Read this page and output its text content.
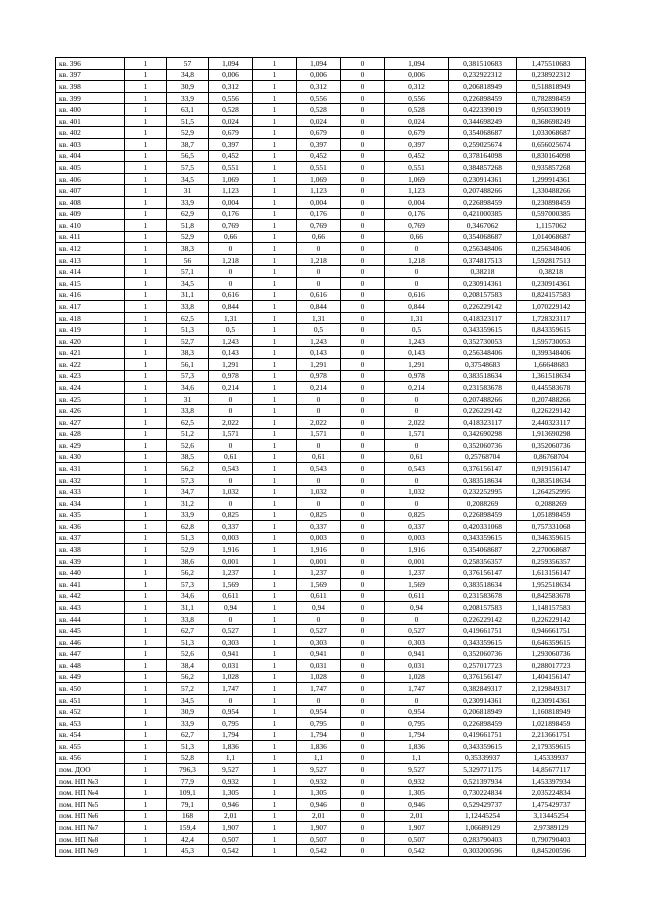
кв. 396	1	57	1,094	1	1,094	0	1,094	0,381510683	1,475510683
кв. 397	1	34,8	0,006	1	0,006	0	0,006	0,232922312	0,238922312
кв. 398	1	30,9	0,312	1	0,312	0	0,312	0,206818949	0,518818949
кв. 399	1	33,9	0,556	1	0,556	0	0,556	0,226898459	0,782898459
кв. 400	1	63,1	0,528	1	0,528	0	0,528	0,422339019	0,950339019
кв. 401	1	51,5	0,024	1	0,024	0	0,024	0,344698249	0,368698249
кв. 402	1	52,9	0,679	1	0,679	0	0,679	0,354068687	1,033068687
кв. 403	1	38,7	0,397	1	0,397	0	0,397	0,259025674	0,656025674
кв. 404	1	56,5	0,452	1	0,452	0	0,452	0,378164098	0,830164098
кв. 405	1	57,5	0,551	1	0,551	0	0,551	0,384857268	0,935857268
кв. 406	1	34,5	1,069	1	1,069	0	1,069	0,230914361	1,299914361
кв. 407	1	31	1,123	1	1,123	0	1,123	0,207488266	1,330488266
кв. 408	1	33,9	0,004	1	0,004	0	0,004	0,226898459	0,230898459
кв. 409	1	62,9	0,176	1	0,176	0	0,176	0,421000385	0,597000385
кв. 410	1	51,8	0,769	1	0,769	0	0,769	0,3467062	1,1157062
кв. 411	1	52,9	0,66	1	0,66	0	0,66	0,354068687	1,014068687
кв. 412	1	38,3	0	1	0	0	0	0,256348406	0,256348406
кв. 413	1	56	1,218	1	1,218	0	1,218	0,374817513	1,592817513
кв. 414	1	57,1	0	1	0	0	0	0,38218	0,38218
кв. 415	1	34,5	0	1	0	0	0	0,230914361	0,230914361
кв. 416	1	31,1	0,616	1	0,616	0	0,616	0,208157583	0,824157583
кв. 417	1	33,8	0,844	1	0,844	0	0,844	0,226229142	1,070229142
кв. 418	1	62,5	1,31	1	1,31	0	1,31	0,418323117	1,728323117
кв. 419	1	51,3	0,5	1	0,5	0	0,5	0,343359615	0,843359615
кв. 420	1	52,7	1,243	1	1,243	0	1,243	0,352730053	1,595730053
кв. 421	1	38,3	0,143	1	0,143	0	0,143	0,256348406	0,399348406
кв. 422	1	56,1	1,291	1	1,291	0	1,291	0,37548683	1,66648683
кв. 423	1	57,3	0,978	1	0,978	0	0,978	0,383518634	1,361518634
кв. 424	1	34,6	0,214	1	0,214	0	0,214	0,231583678	0,445583678
кв. 425	1	31	0	1	0	0	0	0,207488266	0,207488266
кв. 426	1	33,8	0	1	0	0	0	0,226229142	0,226229142
кв. 427	1	62,5	2,022	1	2,022	0	2,022	0,418323117	2,440323117
кв. 428	1	51,2	1,571	1	1,571	0	1,571	0,342690298	1,913690298
кв. 429	1	52,6	0	1	0	0	0	0,352060736	0,352060736
кв. 430	1	38,5	0,61	1	0,61	0	0,61	0,25768704	0,86768704
кв. 431	1	56,2	0,543	1	0,543	0	0,543	0,376156147	0,919156147
кв. 432	1	57,3	0	1	0	0	0	0,383518634	0,383518634
кв. 433	1	34,7	1,032	1	1,032	0	1,032	0,232252995	1,264252995
кв. 434	1	31,2	0	1	0	0	0	0,2088269	0,2088269
кв. 435	1	33,9	0,825	1	0,825	0	0,825	0,226898459	1,051898459
кв. 436	1	62,8	0,337	1	0,337	0	0,337	0,420331068	0,757331068
кв. 437	1	51,3	0,003	1	0,003	0	0,003	0,343359615	0,346359615
кв. 438	1	52,9	1,916	1	1,916	0	1,916	0,354068687	2,270068687
кв. 439	1	38,6	0,001	1	0,001	0	0,001	0,258356357	0,259356357
кв. 440	1	56,2	1,237	1	1,237	0	1,237	0,376156147	1,613156147
кв. 441	1	57,3	1,569	1	1,569	0	1,569	0,383518634	1,952518634
кв. 442	1	34,6	0,611	1	0,611	0	0,611	0,231583678	0,842583678
кв. 443	1	31,1	0,94	1	0,94	0	0,94	0,208157583	1,148157583
кв. 444	1	33,8	0	1	0	0	0	0,226229142	0,226229142
кв. 445	1	62,7	0,527	1	0,527	0	0,527	0,419661751	0,946661751
кв. 446	1	51,3	0,303	1	0,303	0	0,303	0,343359615	0,646359615
кв. 447	1	52,6	0,941	1	0,941	0	0,941	0,352060736	1,293060736
кв. 448	1	38,4	0,031	1	0,031	0	0,031	0,257017723	0,288017723
кв. 449	1	56,2	1,028	1	1,028	0	1,028	0,376156147	1,404156147
кв. 450	1	57,2	1,747	1	1,747	0	1,747	0,382849317	2,129849317
кв. 451	1	34,5	0	1	0	0	0	0,230914361	0,230914361
кв. 452	1	30,9	0,954	1	0,954	0	0,954	0,206818949	1,160818949
кв. 453	1	33,9	0,795	1	0,795	0	0,795	0,226898459	1,021898459
кв. 454	1	62,7	1,794	1	1,794	0	1,794	0,419661751	2,213661751
кв. 455	1	51,3	1,836	1	1,836	0	1,836	0,343359615	2,179359615
кв. 456	1	52,8	1,1	1	1,1	0	1,1	0,35339937	1,45339937
пом. ДОО	1	796,3	9,527	1	9,527	0	9,527	5,329771175	14,85677117
пом. НП №3	1	77,9	0,932	1	0,932	0	0,932	0,521397934	1,453397934
пом. НП №4	1	109,1	1,305	1	1,305	0	1,305	0,730224834	2,035224834
пом. НП №5	1	79,1	0,946	1	0,946	0	0,946	0,529429737	1,475429737
пом. НП №6	1	168	2,01	1	2,01	0	2,01	1,12445254	3,13445254
пом. НП №7	1	159,4	1,907	1	1,907	0	1,907	1,06689129	2,97389129
пом. НП №8	1	42,4	0,507	1	0,507	0	0,507	0,283790403	0,790790403
пом. НП №9	1	45,3	0,542	1	0,542	0	0,542	0,303200596	0,845200596
